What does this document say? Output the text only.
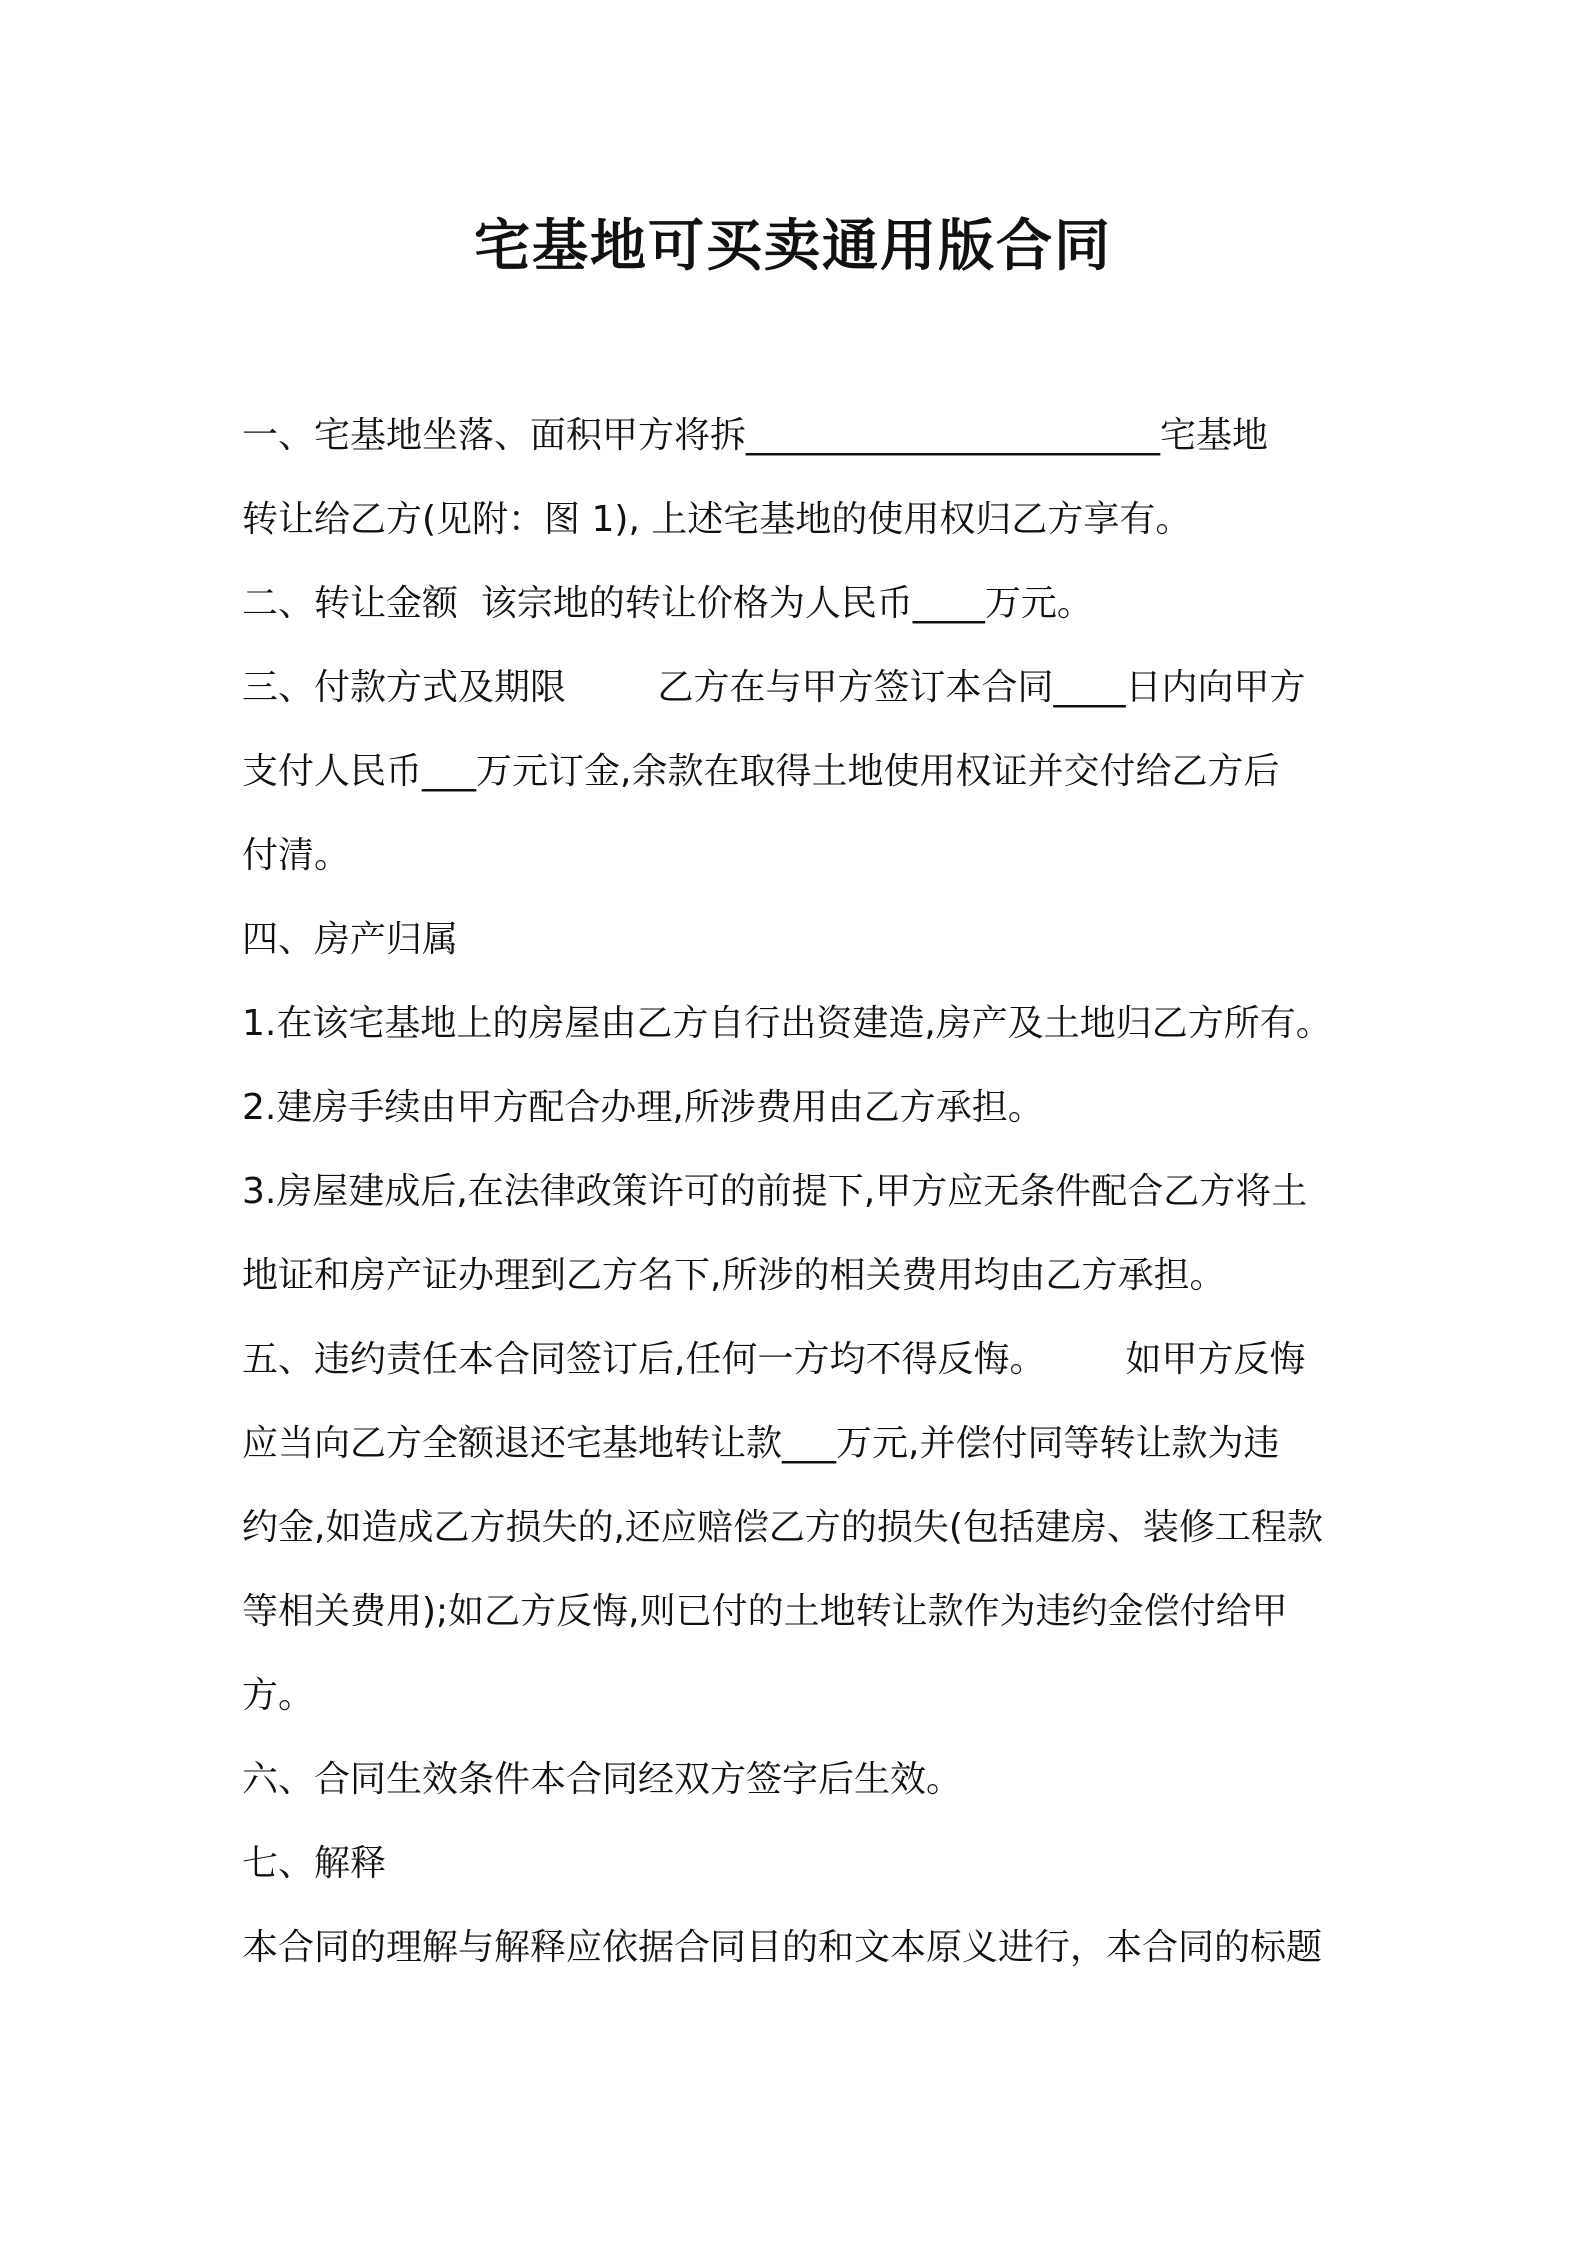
宅基地可买卖通用版合同

一、宅基地坐落、面积甲方将拆_______________________宅基地

转让给乙方(见附：图 1), 上述宅基地的使用权归乙方享有。

二、转让金额  该宗地的转让价格为人民币____万元。

三、付款方式及期限        乙方在与甲方签订本合同____日内向甲方

支付人民币___万元订金,余款在取得土地使用权证并交付给乙方后

付清。

四、房产归属

1.在该宅基地上的房屋由乙方自行出资建造,房产及土地归乙方所有。

2.建房手续由甲方配合办理,所涉费用由乙方承担。

3.房屋建成后,在法律政策许可的前提下,甲方应无条件配合乙方将土

地证和房产证办理到乙方名下,所涉的相关费用均由乙方承担。

五、违约责任本合同签订后,任何一方均不得反悔。       如甲方反悔

应当向乙方全额退还宅基地转让款___万元,并偿付同等转让款为违

约金,如造成乙方损失的,还应赔偿乙方的损失(包括建房、装修工程款

等相关费用);如乙方反悔,则已付的土地转让款作为违约金偿付给甲

方。

六、合同生效条件本合同经双方签字后生效。

七、解释

本合同的理解与解释应依据合同目的和文本原义进行，本合同的标题
